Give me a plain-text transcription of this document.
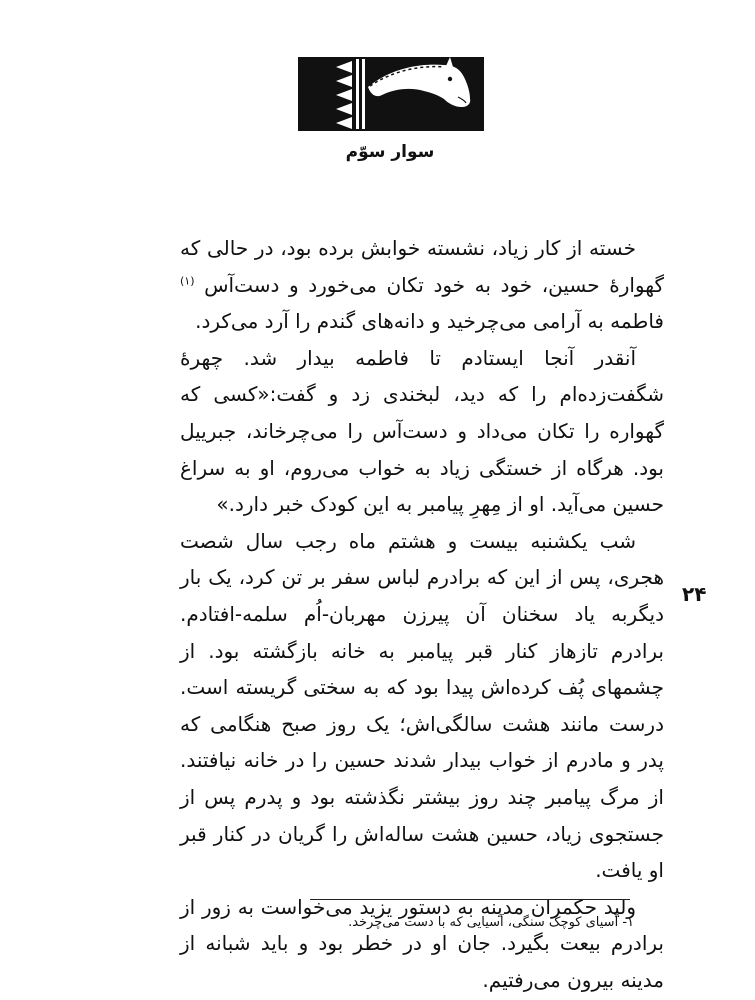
سوار سوّم

خسته از کار زیاد، نشسته خوابش برده بود، در حالی که گهوارهٔ حسین، خود به خود تکان می‌خورد و دست‌آس $^{(۱)}$ فاطمه به آرامی می‌چرخید و دانه‌های گندم را آرد می‌کرد.

آنقدر آنجا ایستادم تا فاطمه بیدار شد. چهرهٔ شگفت‌زده‌ام را که دید، لبخندی زد و گفت:«کسی که گهواره را تکان می‌داد و دست‌آس را می‌چرخاند، جبرییل بود. هرگاه از خستگی زیاد به خواب می‌روم، او به سراغ حسین می‌آید. او از مِهرِ پیامبر به این کودک خبر دارد.»

شب یکشنبه بیست و هشتم ماه رجب سال شصت هجری، پس از این که برادرم لباس سفر بر تن کرد، یک بار دیگربه یاد سخنان آن پیرزن مهربان-اُم سلمه-افتادم. برادرم تازهاز کنار قبر پیامبر به خانه بازگشته بود. از چشمهای پُف کرده‌اش پیدا بود که به سختی گریسته است. درست مانند هشت سالگی‌اش؛ یک روز صبح هنگامی که پدر و مادرم از خواب بیدار شدند حسین را در خانه نیافتند. از مرگ پیامبر چند روز بیشتر نگذشته بود و پدرم پس از جستجوی زیاد، حسین هشت ساله‌اش را گریان در کنار قبر او یافت.

ولید حکمران مدینه به دستور یزید می‌خواست به زور از برادرم بیعت بگیرد. جان او در خطر بود و باید شبانه از مدینه بیرون می‌رفتیم.

۲۴
۱- آسیای کوچک سنگی، آسیایی که با دست می‌چرخد.
